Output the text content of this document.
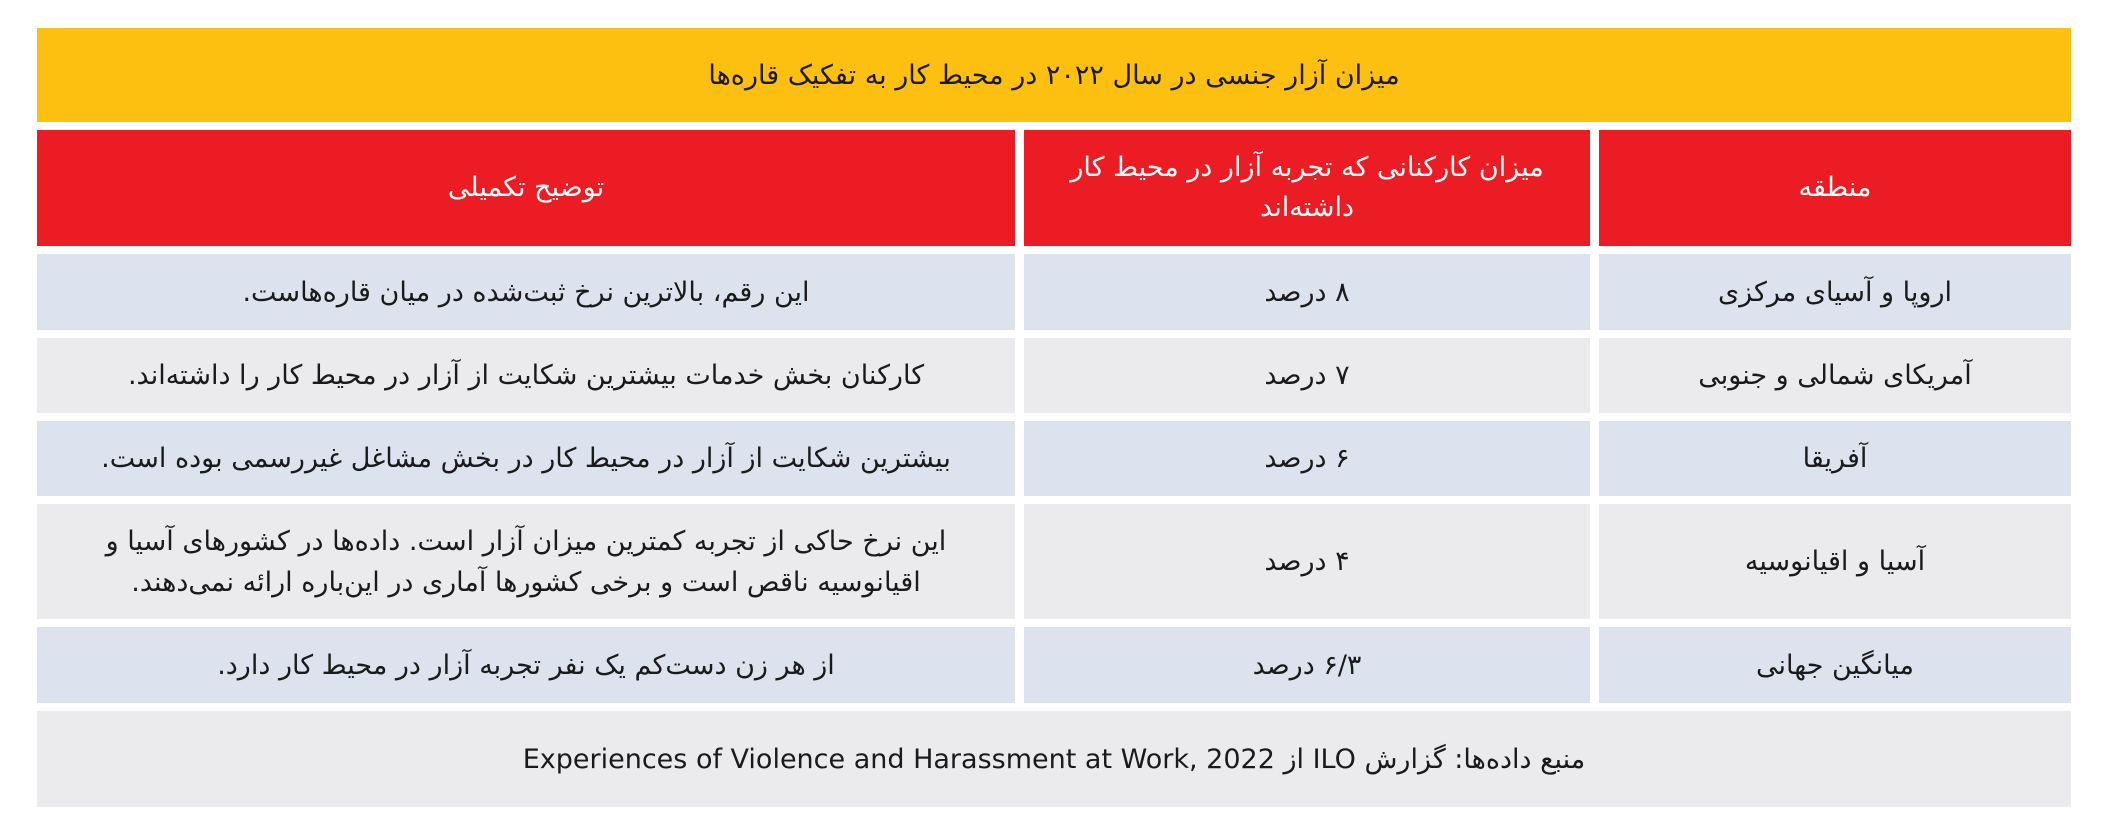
میزان آزار جنسی در سال ۲۰۲۲ در محیط کار به تفکیک قاره‌ها
منطقه
میزان کارکنانی که تجربه آزار در محیط کار داشته‌اند
توضیح تکمیلی
اروپا و آسیای مرکزی
۸ درصد
این رقم، بالاترین نرخ ثبت‌شده در میان قاره‌هاست.
آمریکای شمالی و جنوبی
۷ درصد
کارکنان بخش خدمات بیشترین شکایت از آزار در محیط کار را داشته‌اند.
آفریقا
۶ درصد
بیشترین شکایت از آزار در محیط کار در بخش مشاغل غیررسمی بوده است.
آسیا و اقیانوسیه
۴ درصد
این نرخ حاکی از تجربه کمترین میزان آزار است. داده‌ها در کشورهای آسیا و اقیانوسیه ناقص است و برخی کشورها آماری در این‌باره ارائه نمی‌دهند.
میانگین جهانی
۶/۳ درصد
از هر زن دست‌کم یک نفر تجربه آزار در محیط کار دارد.
منبع داده‌ها: گزارش ILO از Experiences of Violence and Harassment at Work, 2022
